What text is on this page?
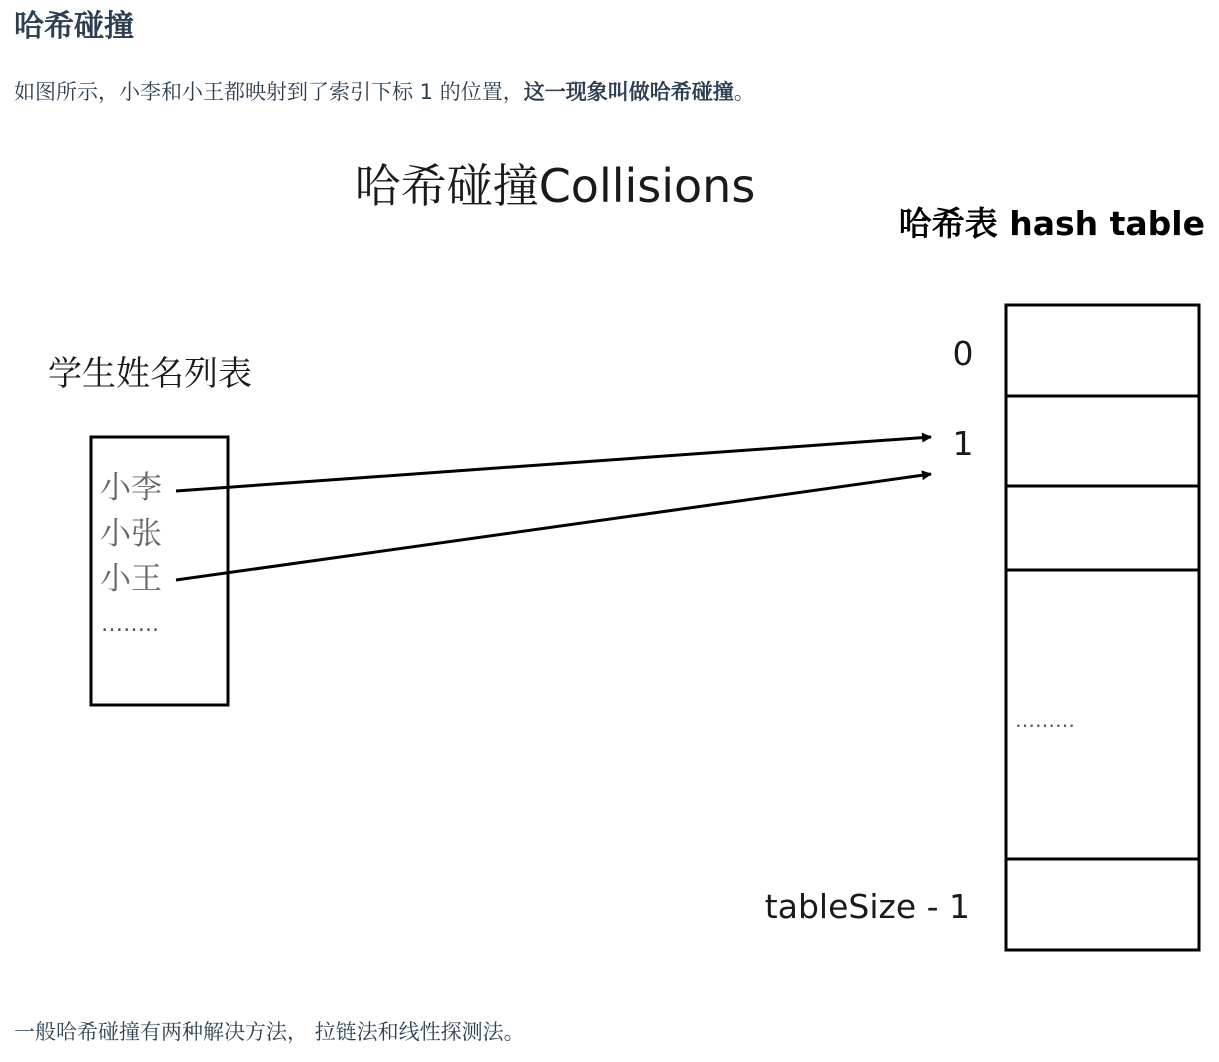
哈希碰撞

如图所示，小李和小王都映射到了索引下标 1 的位置，这一现象叫做哈希碰撞。

哈希碰撞Collisions
哈希表 hash table
学生姓名列表
小李
小张
小王
……..
0
1
tableSize - 1
………

一般哈希碰撞有两种解决方法， 拉链法和线性探测法。
